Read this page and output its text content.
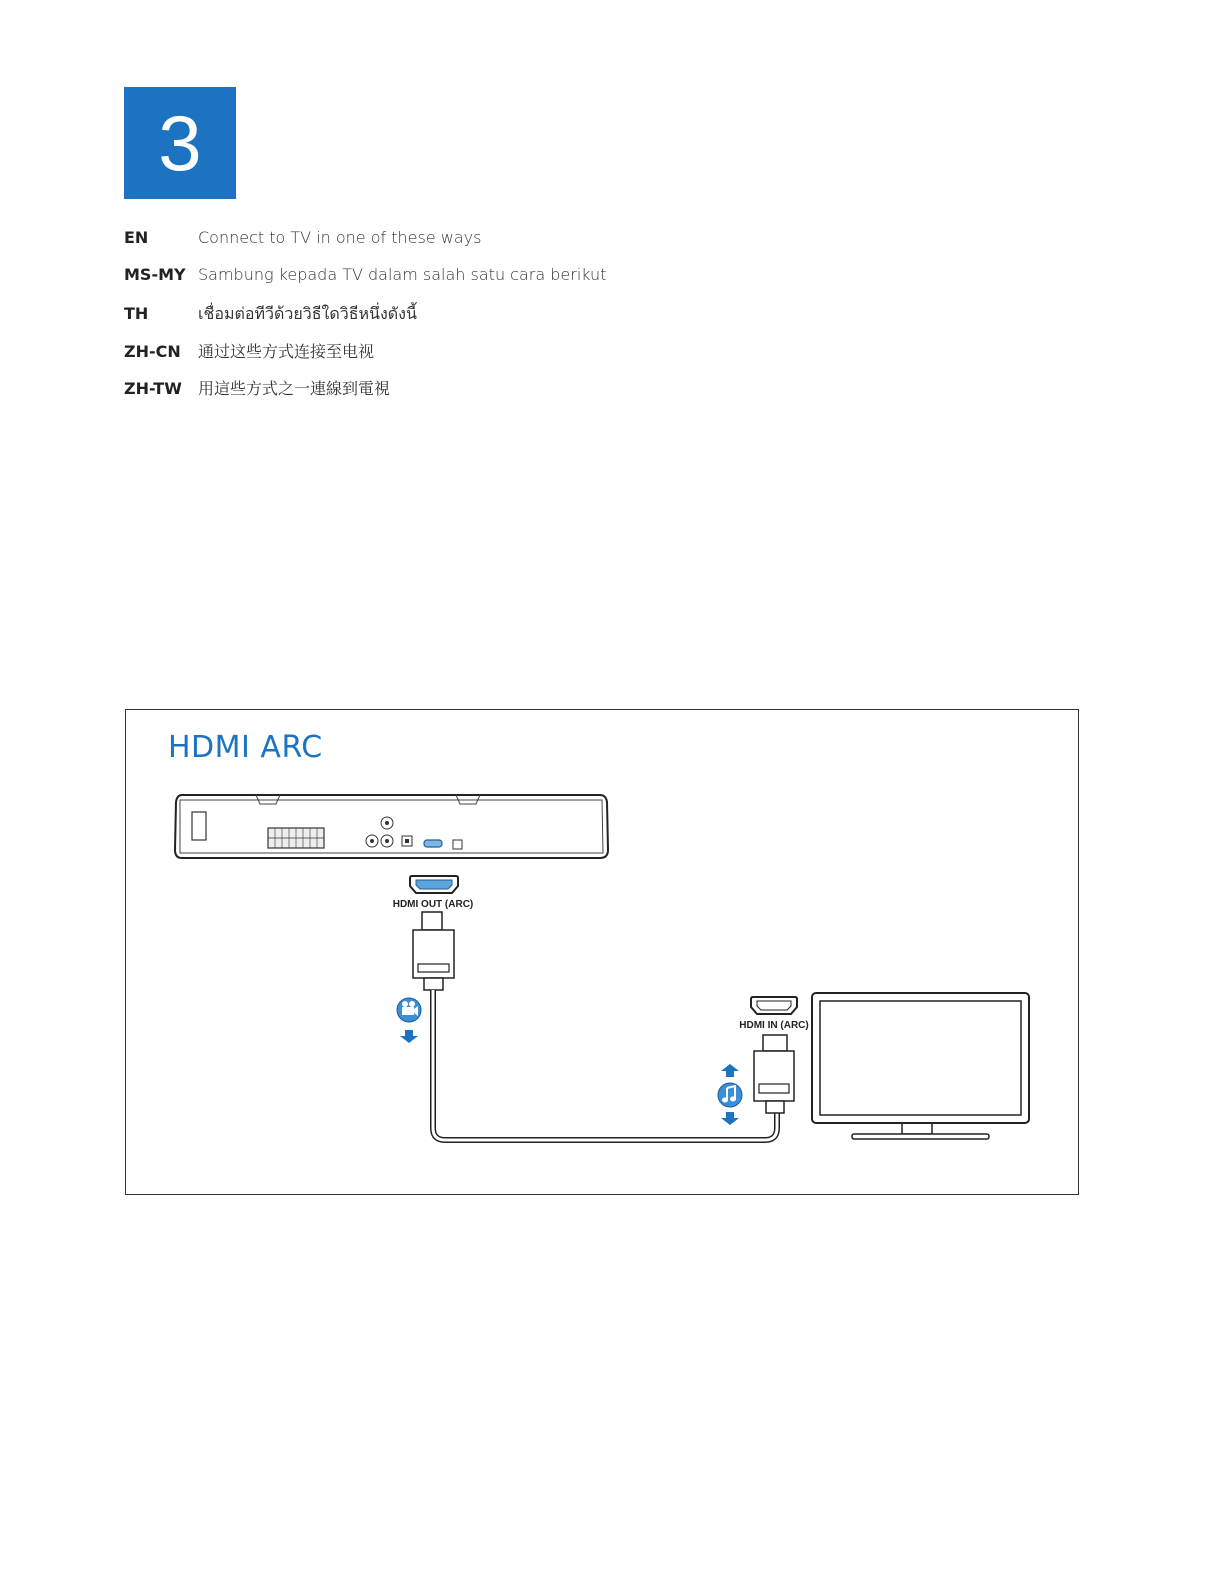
3
EN	Connect to TV in one of these ways
MS-MY Sambung kepada TV dalam salah satu cara berikut
TH	เชื่อมต่อทีวีด้วยวิธีใดวิธีหนึ่งดังนี้
ZH-CN	通过这些方式连接至电视
ZH-TW	用這些方式之一連線到電視
HDMI ARC
HDMI OUT (ARC)
HDMI IN (ARC)
